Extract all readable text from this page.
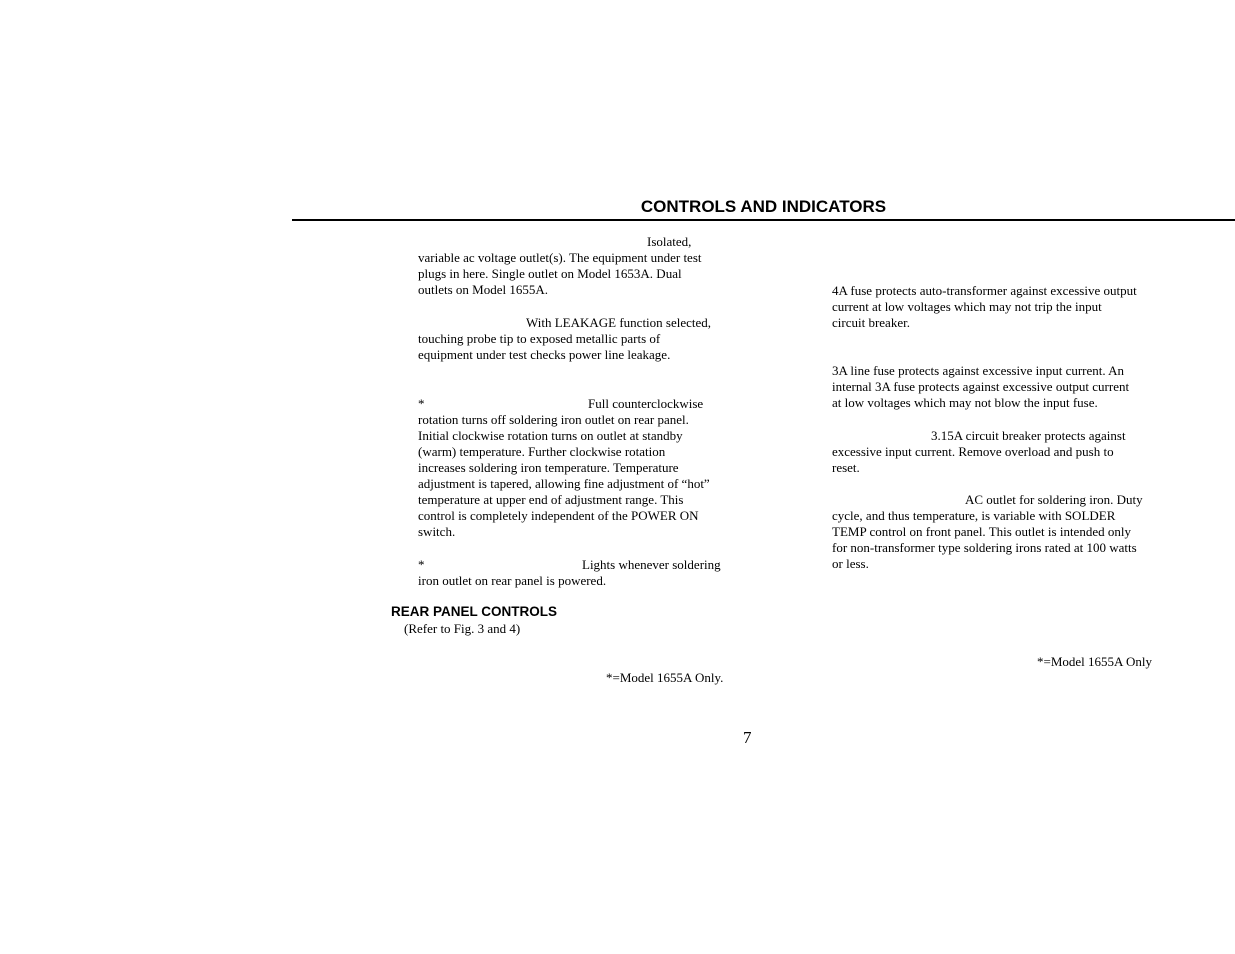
CONTROLS AND INDICATORS
Isolated,
variable ac voltage outlet(s). The equipment under test
plugs in here. Single outlet on Model 1653A. Dual
outlets on Model 1655A.
With LEAKAGE function selected,
touching probe tip to exposed metallic parts of
equipment under test checks power line leakage.
*	Full counterclockwise
rotation turns off soldering iron outlet on rear panel.
Initial clockwise rotation turns on outlet at standby
(warm) temperature. Further clockwise rotation
increases soldering iron temperature. Temperature
adjustment is tapered, allowing fine adjustment of “hot”
temperature at upper end of adjustment range. This
control is completely independent of the POWER ON
switch.
*	Lights whenever soldering
iron outlet on rear panel is powered.
REAR PANEL CONTROLS
(Refer to Fig. 3 and 4)
*=Model 1655A Only.
4A fuse protects auto-transformer against excessive output
current at low voltages which may not trip the input
circuit breaker.
3A line fuse protects against excessive input current. An
internal 3A fuse protects against excessive output current
at low voltages which may not blow the input fuse.
3.15A circuit breaker protects against
excessive input current. Remove overload and push to
reset.
AC outlet for soldering iron. Duty
cycle, and thus temperature, is variable with SOLDER
TEMP control on front panel. This outlet is intended only
for non-transformer type soldering irons rated at 100 watts
or less.
*=Model 1655A Only
7
